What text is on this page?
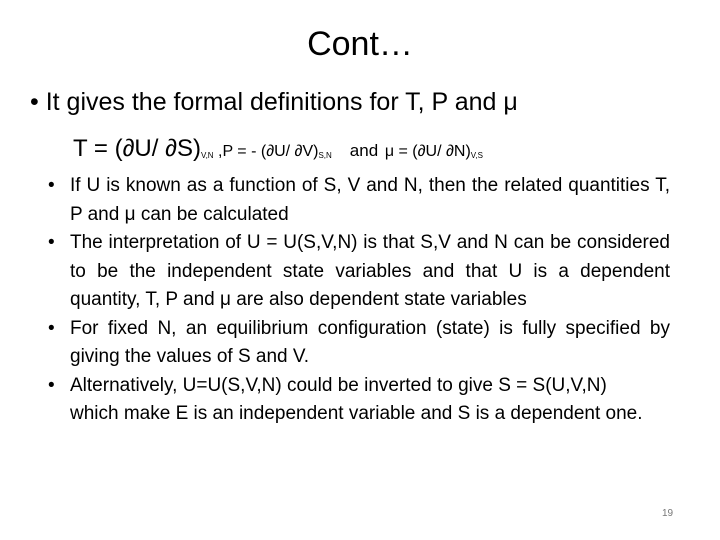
Cont…
• It gives the formal definitions for T, P and μ
T = (∂U/ $\partial S)_{V,N}$ ,P = - (∂U/ $\partial V)_{S,N}$ and μ = (∂U/ $\partial N)_{V,S}$
• If U is known as a function of S, V and N, then the related quantities T, P and μ can be calculated
• The interpretation of U = U(S,V,N) is that S,V and N can be considered to be the independent state variables and that U is a dependent quantity, T, P and μ are also dependent state variables
• For fixed N, an equilibrium configuration (state) is fully specified by giving the values of S and V.
• Alternatively, U=U(S,V,N) could be inverted to give S = S(U,V,N)
which make E is an independent variable and S is a dependent one.
19
